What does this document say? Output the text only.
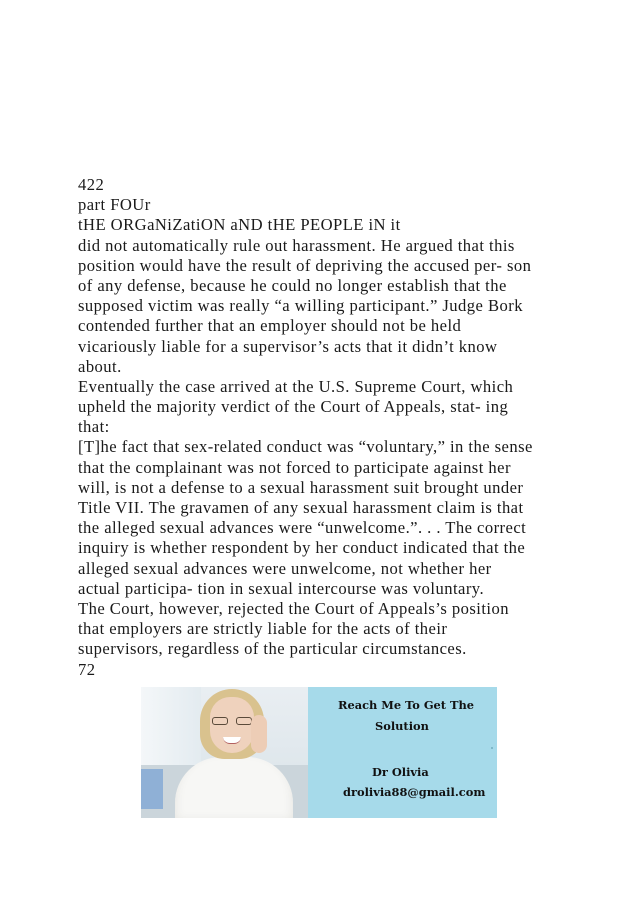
422
part FOUr
tHE ORGaNiZatiON aND tHE PEOPLE iN it
did not automatically rule out harassment. He argued that this
position would have the result of depriving the accused per- son
of any defense, because he could no longer establish that the
supposed victim was really “a willing participant.” Judge Bork
contended further that an employer should not be held
vicariously liable for a supervisor’s acts that it didn’t know
about.
Eventually the case arrived at the U.S. Supreme Court, which
upheld the majority verdict of the Court of Appeals, stat- ing
that:
[T]he fact that sex-related conduct was “voluntary,” in the sense
that the complainant was not forced to participate against her
will, is not a defense to a sexual harassment suit brought under
Title VII. The gravamen of any sexual harassment claim is that
the alleged sexual advances were “unwelcome.”. . . The correct
inquiry is whether respondent by her conduct indicated that the
alleged sexual advances were unwelcome, not whether her
actual participa- tion in sexual intercourse was voluntary.
The Court, however, rejected the Court of Appeals’s position
that employers are strictly liable for the acts of their
supervisors, regardless of the particular circumstances.
72
Reach Me To Get The
Solution
Dr Olivia
drolivia88@gmail.com
